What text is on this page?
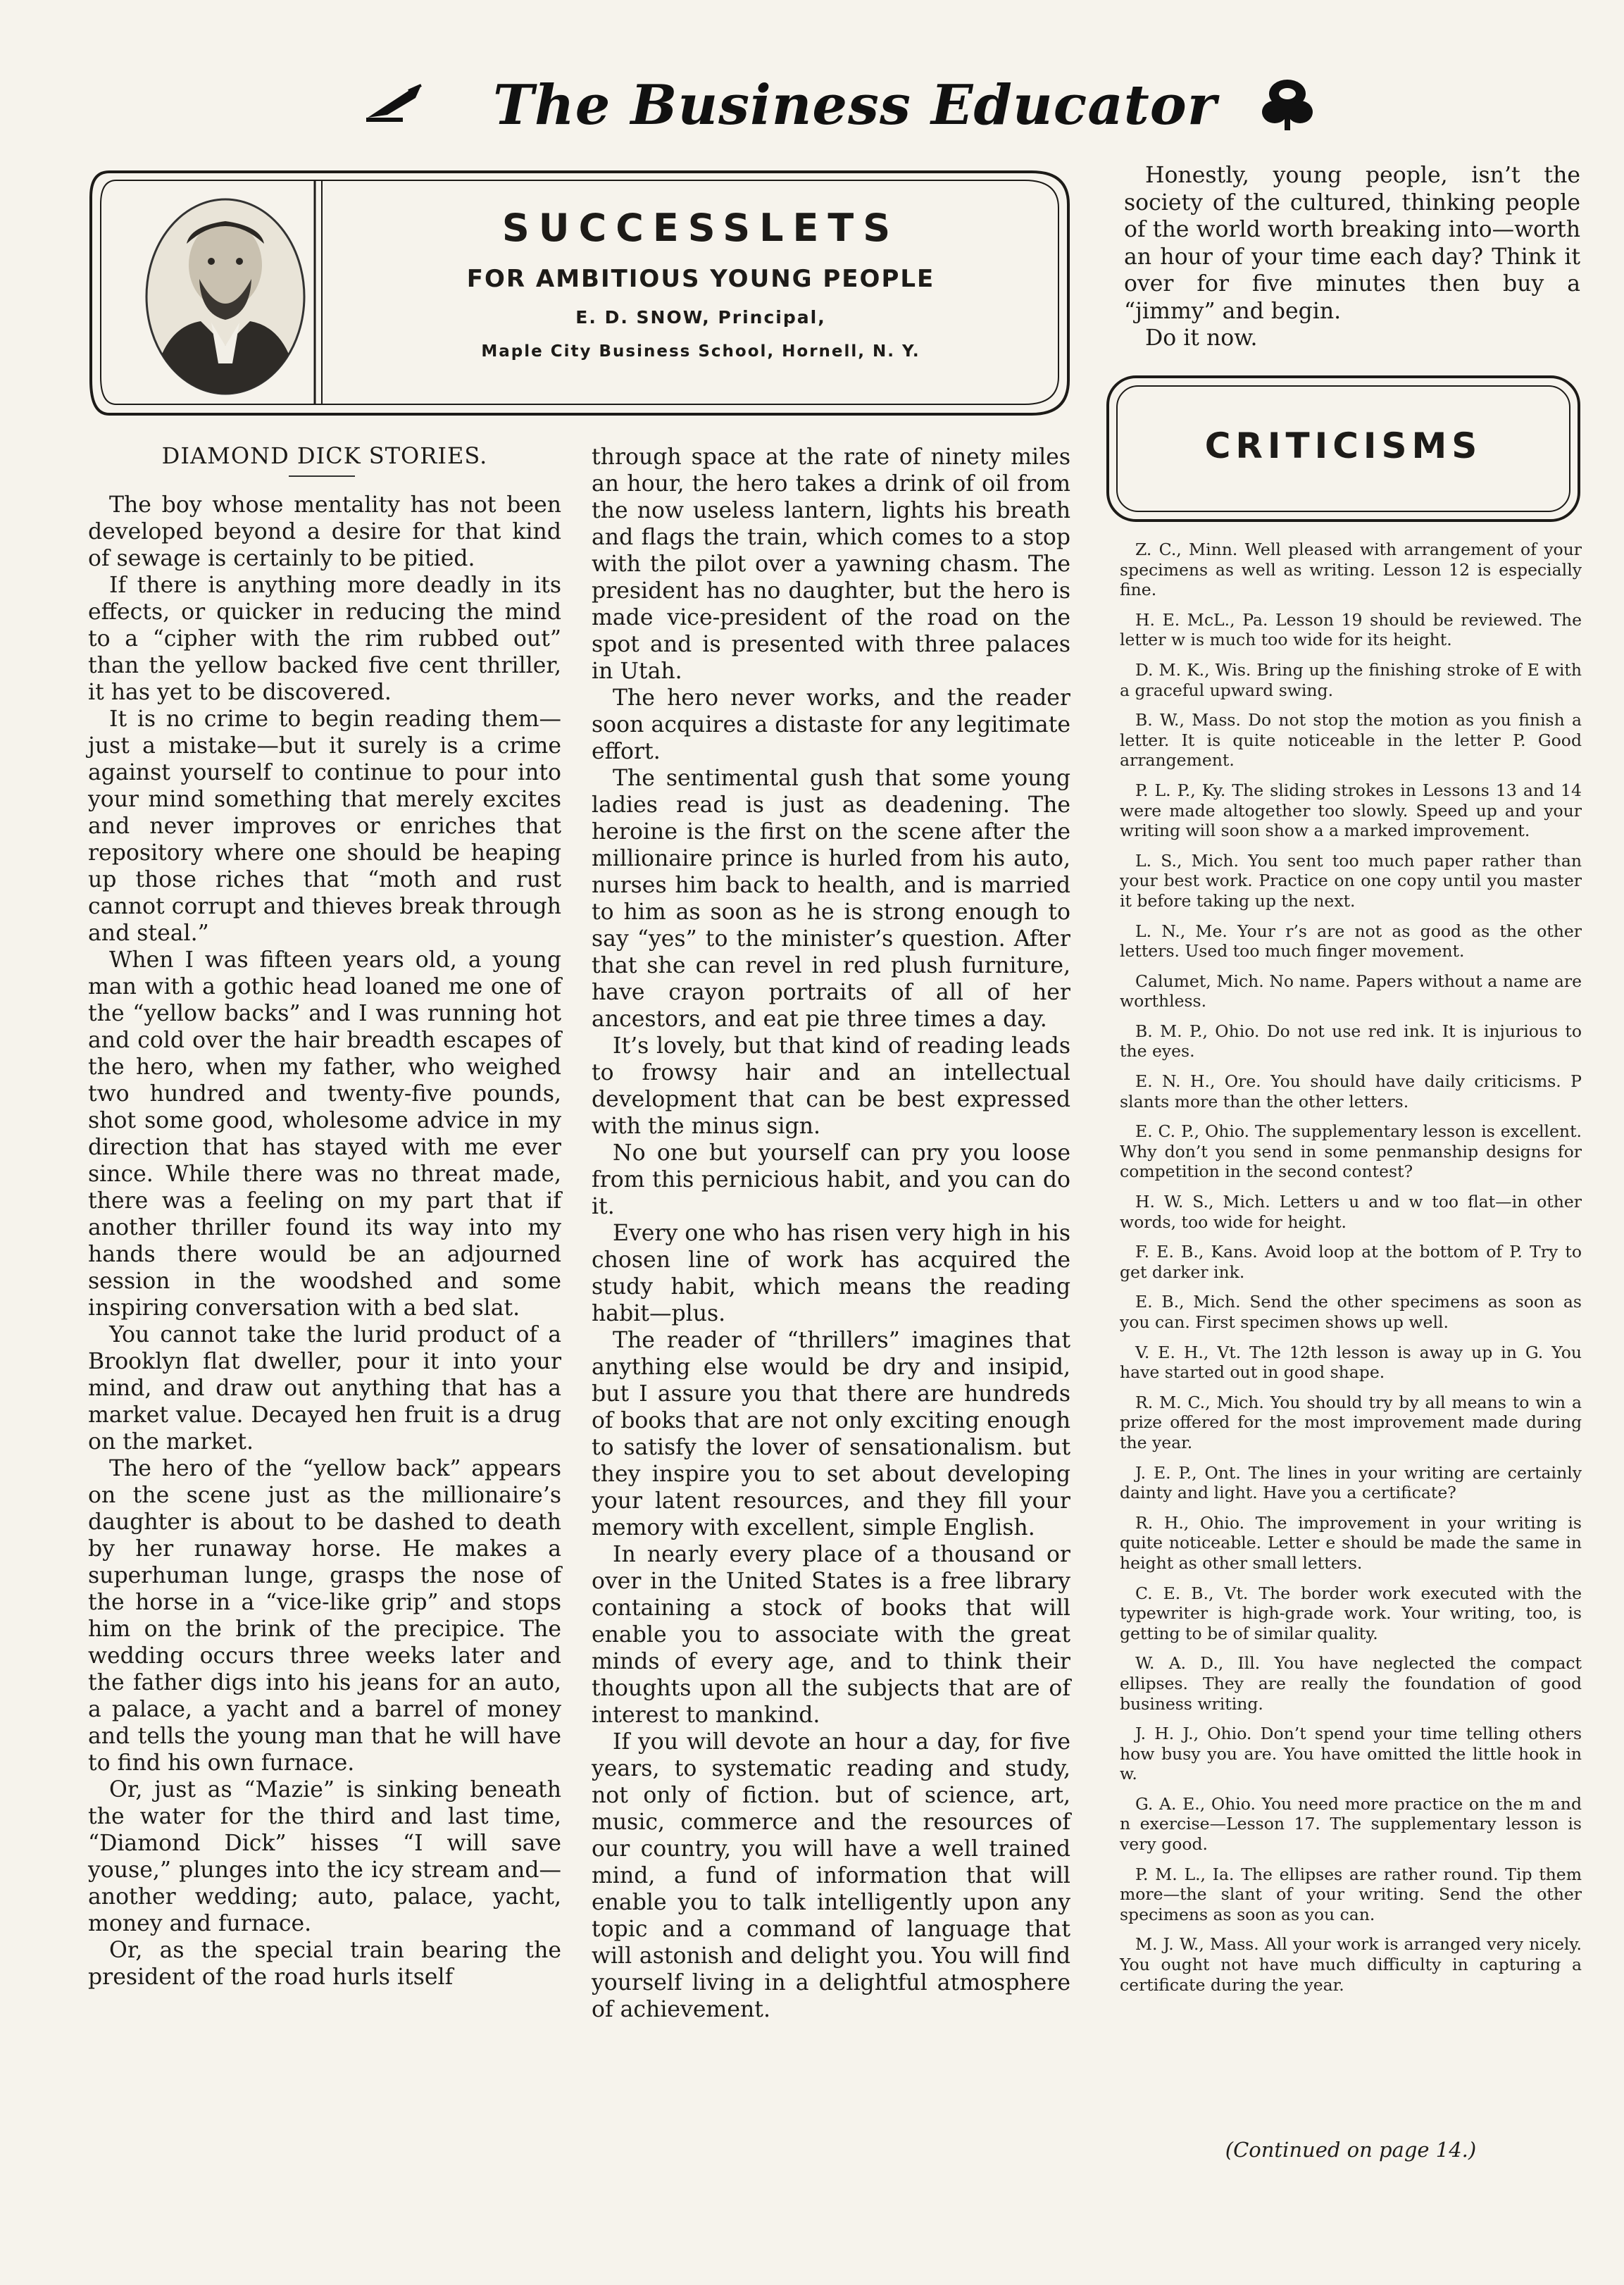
The Business Educator
SUCCESSLETS
FOR AMBITIOUS YOUNG PEOPLE
E. D. SNOW, Principal,
Maple City Business School, Hornell, N. Y.
DIAMOND DICK STORIES.

The boy whose mentality has not been developed beyond a desire for that kind of sewage is certainly to be pitied.

If there is anything more deadly in its effects, or quicker in reducing the mind to a “cipher with the rim rubbed out” than the yellow backed five cent thriller, it has yet to be discovered.

It is no crime to begin reading them—just a mistake—but it surely is a crime against yourself to continue to pour into your mind something that merely excites and never improves or enriches that repository where one should be heaping up those riches that “moth and rust cannot corrupt and thieves break through and steal.”

When I was fifteen years old, a young man with a gothic head loaned me one of the “yellow backs” and I was running hot and cold over the hair breadth escapes of the hero, when my father, who weighed two hundred and twenty-five pounds, shot some good, wholesome advice in my direction that has stayed with me ever since. While there was no threat made, there was a feeling on my part that if another thriller found its way into my hands there would be an adjourned session in the woodshed and some inspiring conversation with a bed slat.

You cannot take the lurid product of a Brooklyn flat dweller, pour it into your mind, and draw out anything that has a market value. Decayed hen fruit is a drug on the market.

The hero of the “yellow back” appears on the scene just as the millionaire’s daughter is about to be dashed to death by her runaway horse. He makes a superhuman lunge, grasps the nose of the horse in a “vice-like grip” and stops him on the brink of the precipice. The wedding occurs three weeks later and the father digs into his jeans for an auto, a palace, a yacht and a barrel of money and tells the young man that he will have to find his own furnace.

Or, just as “Mazie” is sinking beneath the water for the third and last time, “Diamond Dick” hisses “I will save youse,” plunges into the icy stream and—another wedding; auto, palace, yacht, money and furnace.

Or, as the special train bearing the president of the road hurls itself

through space at the rate of ninety miles an hour, the hero takes a drink of oil from the now useless lantern, lights his breath and flags the train, which comes to a stop with the pilot over a yawning chasm. The president has no daughter, but the hero is made vice-president of the road on the spot and is presented with three palaces in Utah.

The hero never works, and the reader soon acquires a distaste for any legitimate effort.

The sentimental gush that some young ladies read is just as deadening. The heroine is the first on the scene after the millionaire prince is hurled from his auto, nurses him back to health, and is married to him as soon as he is strong enough to say “yes” to the minister’s question. After that she can revel in red plush furniture, have crayon portraits of all of her ancestors, and eat pie three times a day.

It’s lovely, but that kind of reading leads to frowsy hair and an intellectual development that can be best expressed with the minus sign.

No one but yourself can pry you loose from this pernicious habit, and you can do it.

Every one who has risen very high in his chosen line of work has acquired the study habit, which means the reading habit—plus.

The reader of “thrillers” imagines that anything else would be dry and insipid, but I assure you that there are hundreds of books that are not only exciting enough to satisfy the lover of sensationalism. but they inspire you to set about developing your latent resources, and they fill your memory with excellent, simple English.

In nearly every place of a thousand or over in the United States is a free library containing a stock of books that will enable you to associate with the great minds of every age, and to think their thoughts upon all the subjects that are of interest to mankind.

If you will devote an hour a day, for five years, to systematic reading and study, not only of fiction. but of science, art, music, commerce and the resources of our country, you will have a well trained mind, a fund of information that will enable you to talk intelligently upon any topic and a command of language that will astonish and delight you. You will find yourself living in a delightful atmosphere of achievement.

Honestly, young people, isn’t the society of the cultured, thinking people of the world worth breaking into—worth an hour of your time each day? Think it over for five minutes then buy a “jimmy” and begin.

Do it now.

CRITICISMS

Z. C., Minn. Well pleased with arrangement of your specimens as well as writing. Lesson 12 is especially fine.

H. E. McL., Pa. Lesson 19 should be reviewed. The letter w is much too wide for its height.

D. M. K., Wis. Bring up the finishing stroke of E with a graceful upward swing.

B. W., Mass. Do not stop the motion as you finish a letter. It is quite noticeable in the letter P. Good arrangement.

P. L. P., Ky. The sliding strokes in Lessons 13 and 14 were made altogether too slowly. Speed up and your writing will soon show a a marked improvement.

L. S., Mich. You sent too much paper rather than your best work. Practice on one copy until you master it before taking up the next.

L. N., Me. Your r’s are not as good as the other letters. Used too much finger movement.

Calumet, Mich. No name. Papers without a name are worthless.

B. M. P., Ohio. Do not use red ink. It is injurious to the eyes.

E. N. H., Ore. You should have daily criticisms. P slants more than the other letters.

E. C. P., Ohio. The supplementary lesson is excellent. Why don’t you send in some penmanship designs for competition in the second contest?

H. W. S., Mich. Letters u and w too flat—in other words, too wide for height.

F. E. B., Kans. Avoid loop at the bottom of P. Try to get darker ink.

E. B., Mich. Send the other specimens as soon as you can. First specimen shows up well.

V. E. H., Vt. The 12th lesson is away up in G. You have started out in good shape.

R. M. C., Mich. You should try by all means to win a prize offered for the most improvement made during the year.

J. E. P., Ont. The lines in your writing are certainly dainty and light. Have you a certificate?

R. H., Ohio. The improvement in your writing is quite noticeable. Letter e should be made the same in height as other small letters.

C. E. B., Vt. The border work executed with the typewriter is high-grade work. Your writing, too, is getting to be of similar quality.

W. A. D., Ill. You have neglected the compact ellipses. They are really the foundation of good business writing.

J. H. J., Ohio. Don’t spend your time telling others how busy you are. You have omitted the little hook in w.

G. A. E., Ohio. You need more practice on the m and n exercise—Lesson 17. The supplementary lesson is very good.

P. M. L., Ia. The ellipses are rather round. Tip them more—the slant of your writing. Send the other specimens as soon as you can.

M. J. W., Mass. All your work is arranged very nicely. You ought not have much difficulty in capturing a certificate during the year.

(Continued on page 14.)
